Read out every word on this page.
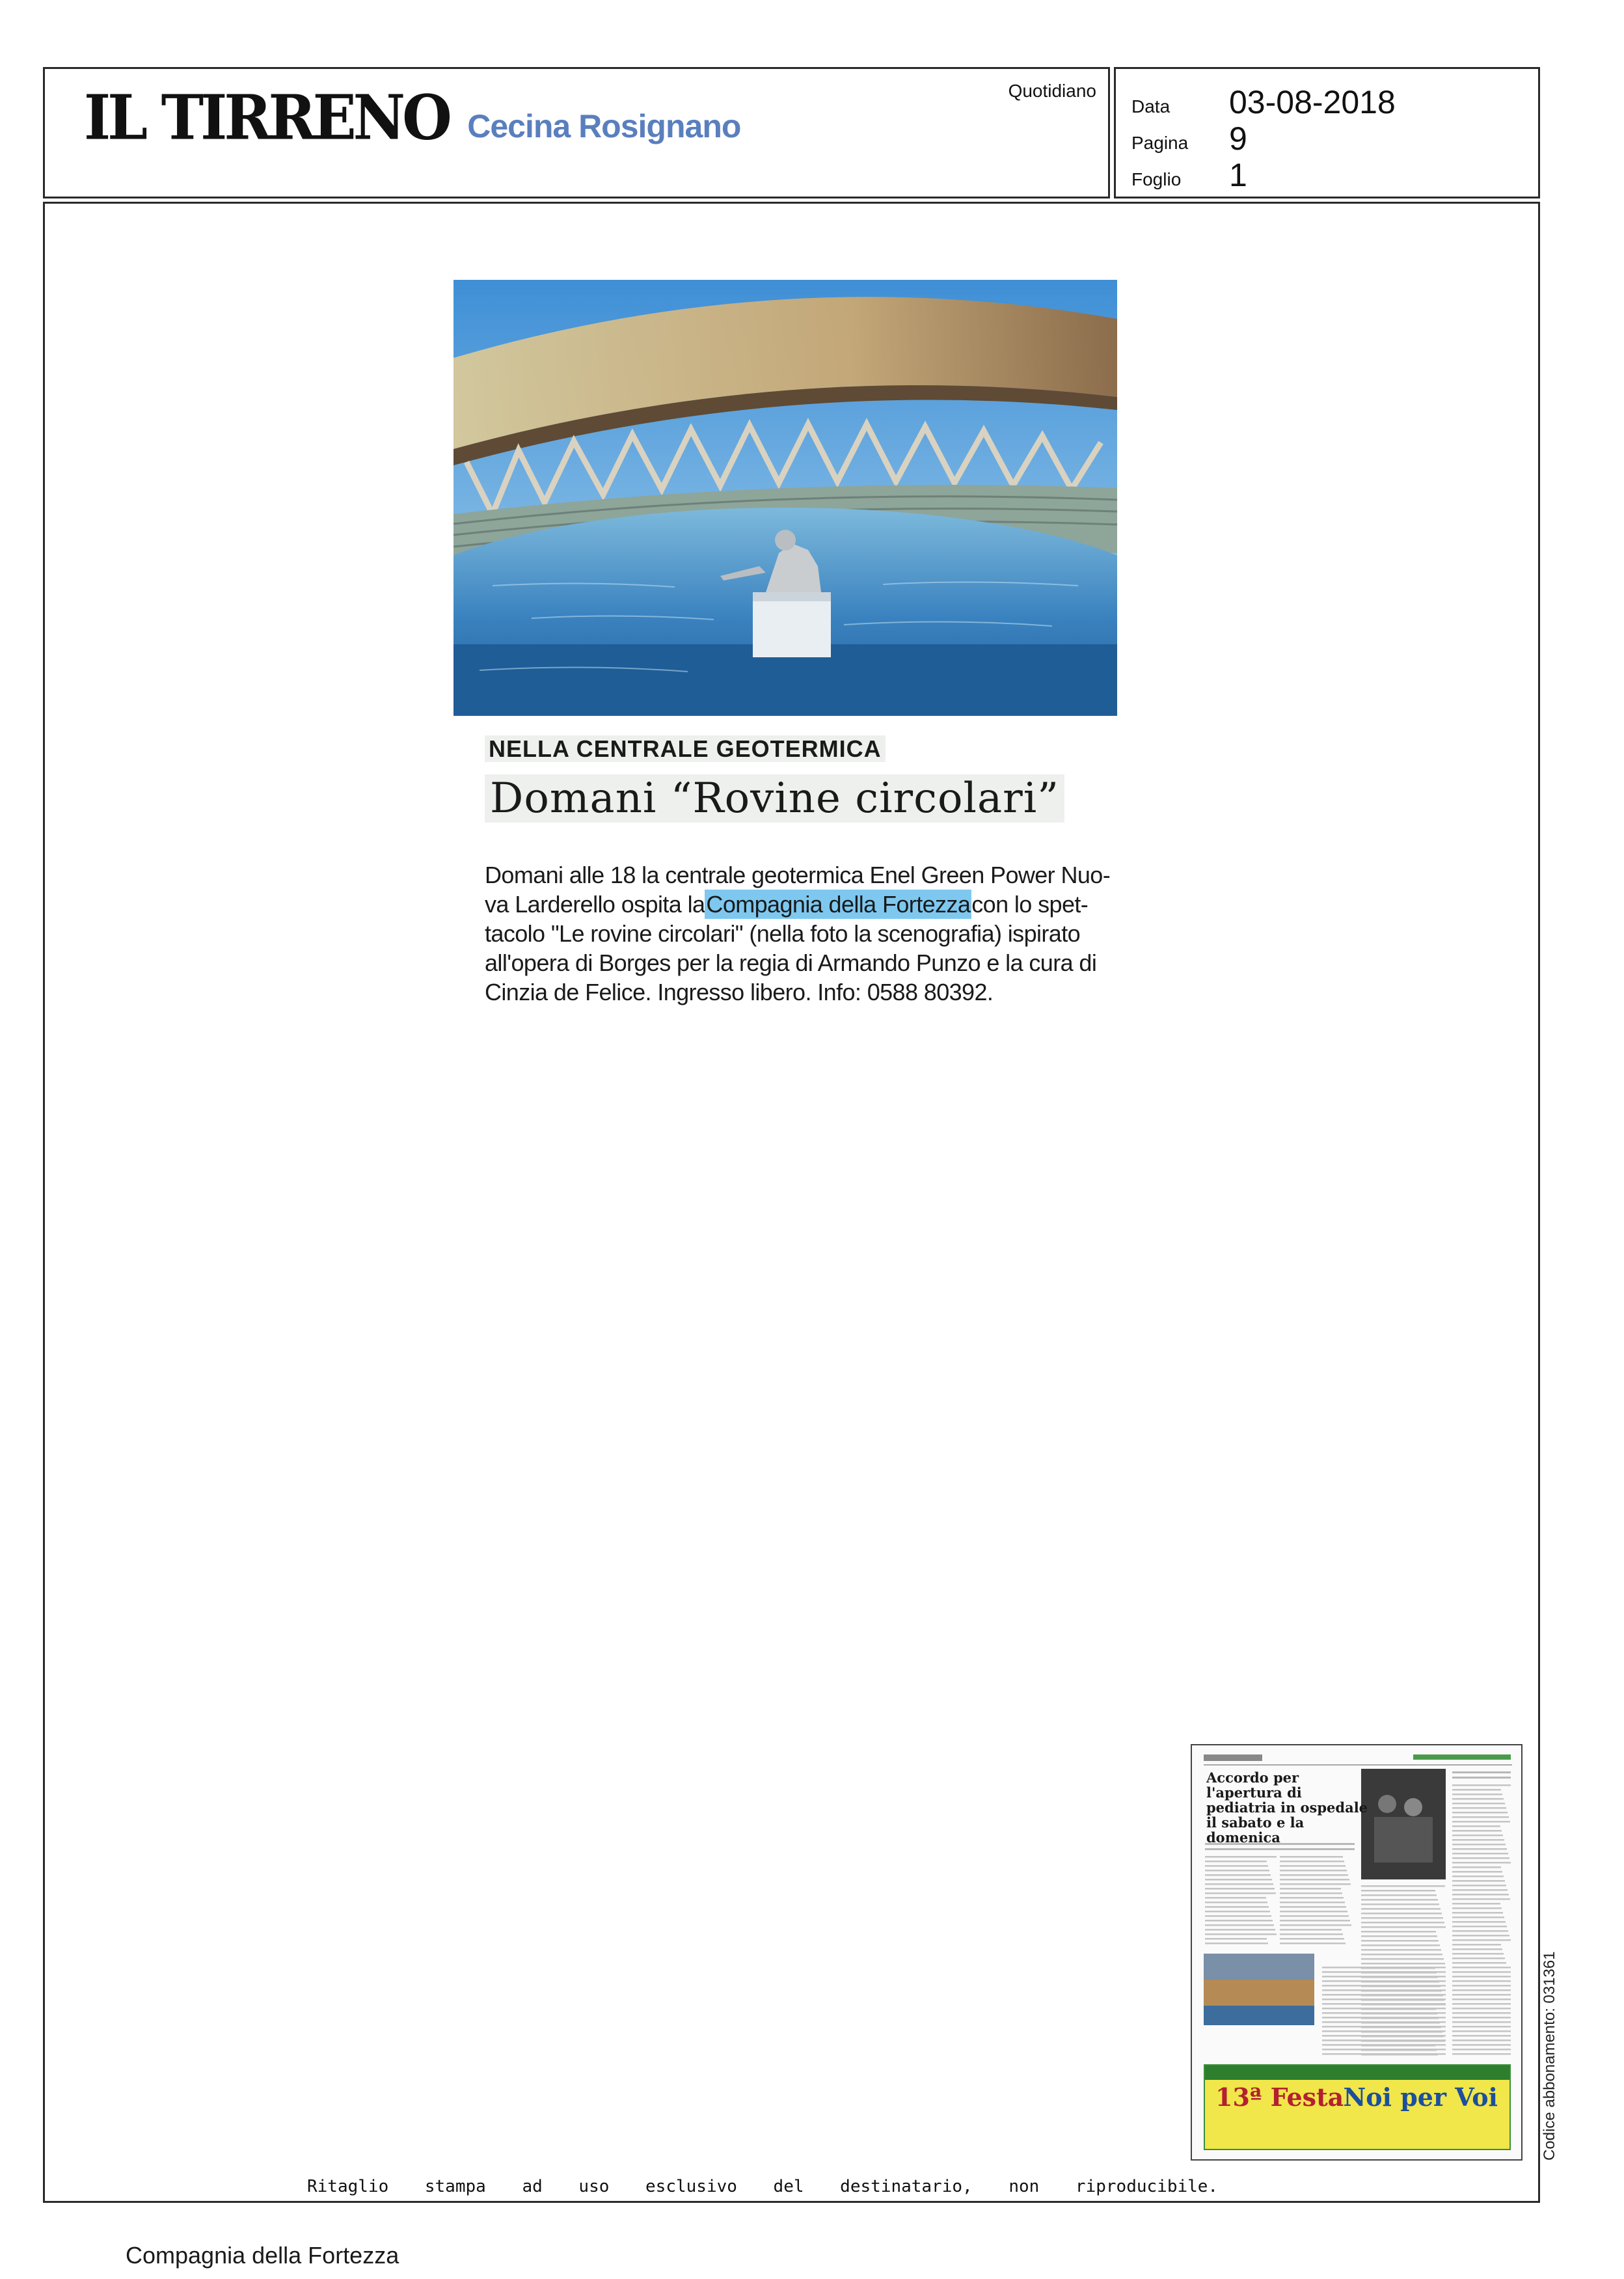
IL TIRRENO Cecina Rosignano
Quotidiano
Data 03-08-2018
Pagina 9
Foglio 1
NELLA CENTRALE GEOTERMICA
Domani “Rovine circolari”
Domani alle 18 la centrale geotermica Enel Green Power Nuo-
va Larderello ospita la Compagnia della Fortezza con lo spet-
tacolo "Le rovine circolari" (nella foto la scenografia) ispirato
all'opera di Borges per la regia di Armando Punzo e la cura di
Cinzia de Felice. Ingresso libero. Info: 0588 80392.
Accordo per l'apertura di pediatria in ospedale il sabato e la domenica
13ª Festa Noi per Voi	Codice abbonamento: 031361
Ritaglio stampa ad uso esclusivo del destinatario, non riproducibile.
Compagnia della Fortezza
